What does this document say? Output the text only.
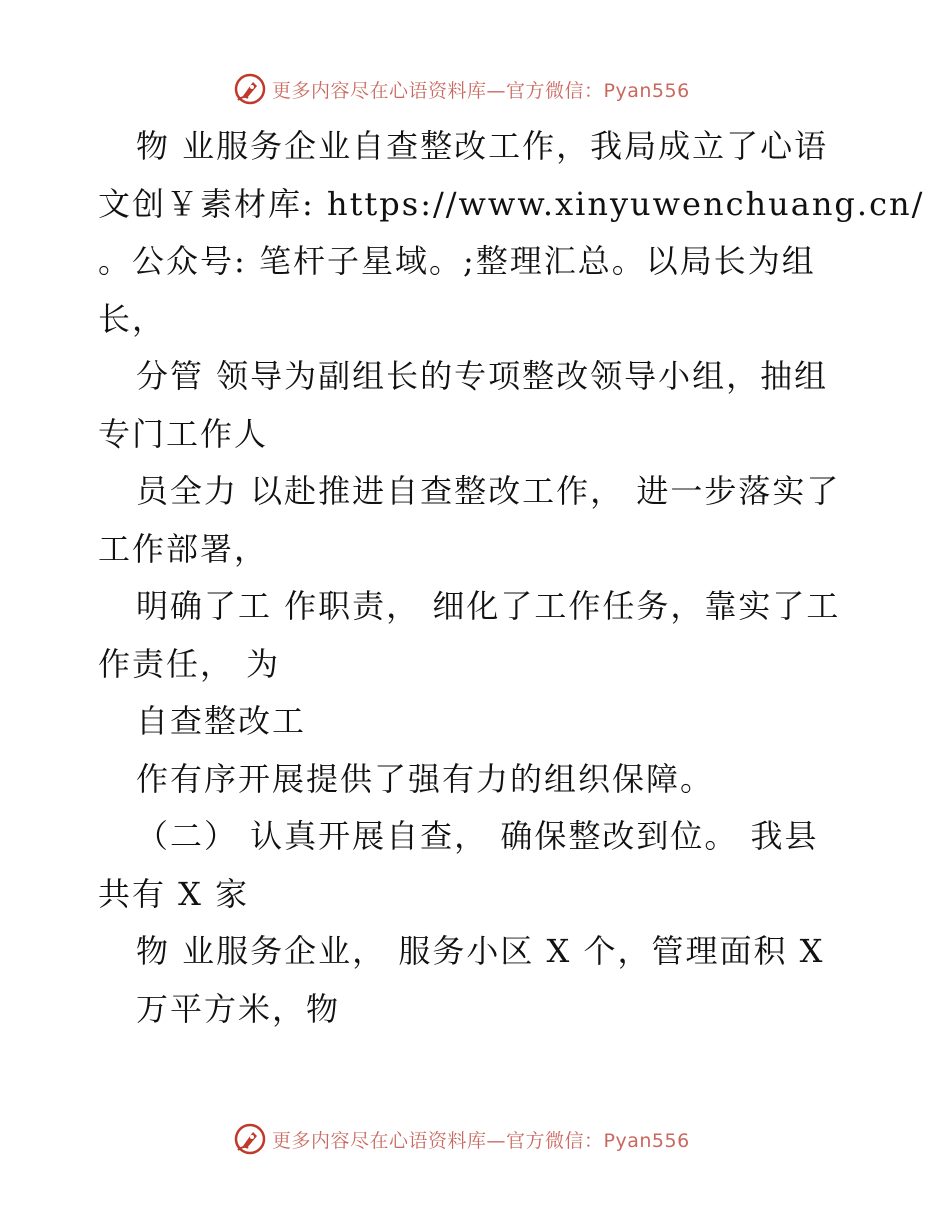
更多内容尽在心语资料库—官方微信：Pyan556
物 业服务企业自查整改工作，我局成立了心语
文创￥素材库: https://www.xinyuwenchuang.cn/
。公众号: 笔杆子星域。;整理汇总。以局长为组
长，
分管 领导为副组长的专项整改领导小组，抽组
专门工作人
员全力 以赴推进自查整改工作， 进一步落实了
工作部署，
明确了工 作职责， 细化了工作任务，靠实了工
作责任， 为
自查整改工
作有序开展提供了强有力的组织保障。
（二） 认真开展自查， 确保整改到位。 我县
共有 X 家
物 业服务企业， 服务小区 X 个，管理面积 X
万平方米，物
更多内容尽在心语资料库—官方微信：Pyan556
